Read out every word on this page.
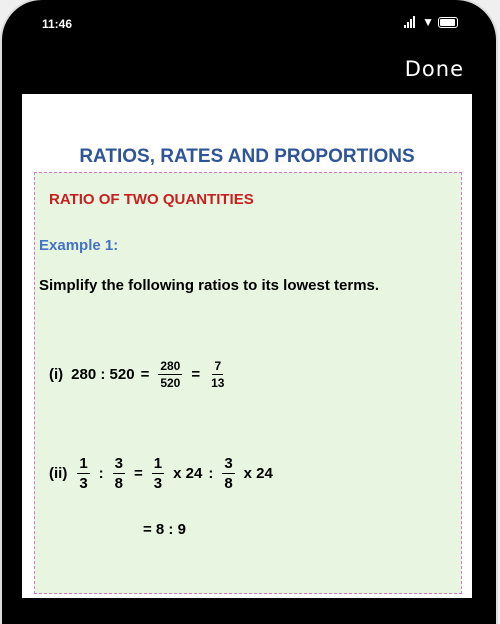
11:46	▼
Done
RATIOS, RATES AND PROPORTIONS
RATIO OF TWO QUANTITIES
Example 1:
Simplify the following ratios to its lowest terms.
(i) 280 : $520 = \frac{280}{520} = \frac{7}{13}$
$(ii) \frac{1}{3}$ : $\frac{3}{8} = \frac{1}{3}$ x 24 : $\frac{3}{8}$ x 24
= 8 : 9
